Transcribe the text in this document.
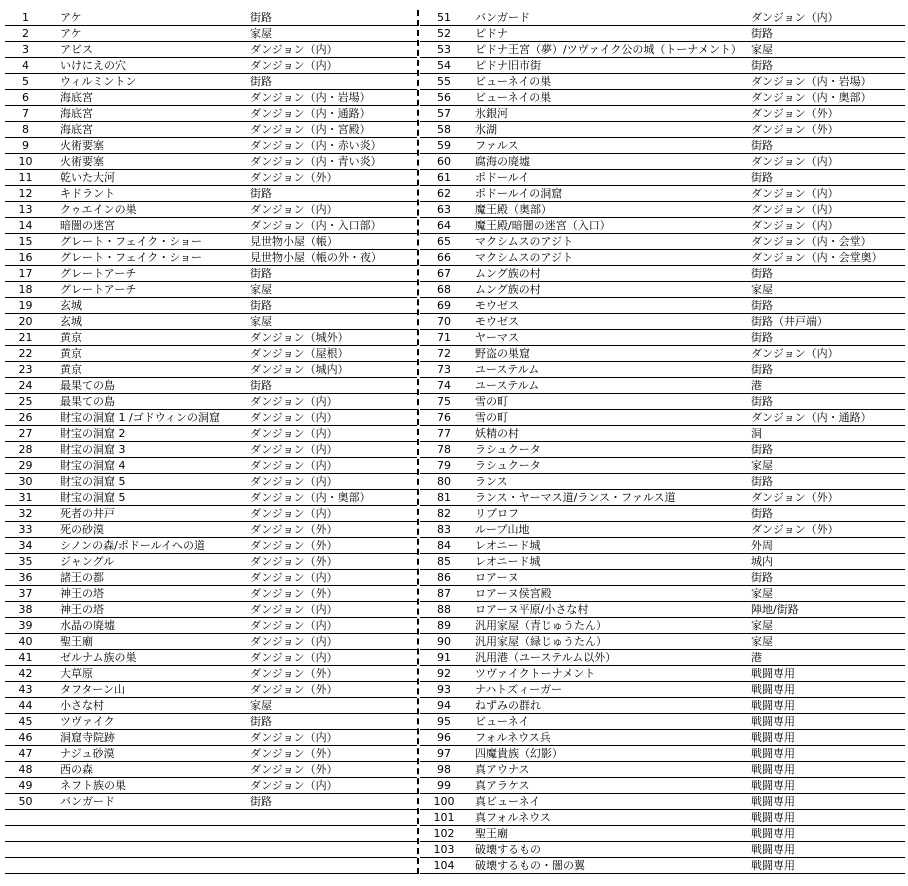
1	アケ	街路
2	アケ	家屋
3	アビス	ダンジョン（内）
4	いけにえの穴	ダンジョン（内）
5	ウィルミントン	街路
6	海底宮	ダンジョン（内・岩場）
7	海底宮	ダンジョン（内・通路）
8	海底宮	ダンジョン（内・宮殿）
9	火術要塞	ダンジョン（内・赤い炎）
10	火術要塞	ダンジョン（内・青い炎）
11	乾いた大河	ダンジョン（外）
12	キドラント	街路
13	クゥエインの巣	ダンジョン（内）
14	暗闇の迷宮	ダンジョン（内・入口部）
15	グレート・フェイク・ショー	見世物小屋（帳）
16	グレート・フェイク・ショー	見世物小屋（帳の外・夜）
17	グレートアーチ	街路
18	グレートアーチ	家屋
19	玄城	街路
20	玄城	家屋
21	黄京	ダンジョン（城外）
22	黄京	ダンジョン（屋根）
23	黄京	ダンジョン（城内）
24	最果ての島	街路
25	最果ての島	ダンジョン（内）
26	財宝の洞窟 1 /ゴドウィンの洞窟	ダンジョン（内）
27	財宝の洞窟 2	ダンジョン（内）
28	財宝の洞窟 3	ダンジョン（内）
29	財宝の洞窟 4	ダンジョン（内）
30	財宝の洞窟 5	ダンジョン（内）
31	財宝の洞窟 5	ダンジョン（内・奥部）
32	死者の井戸	ダンジョン（内）
33	死の砂漠	ダンジョン（外）
34	シノンの森/ポドールイへの道	ダンジョン（外）
35	ジャングル	ダンジョン（外）
36	諸王の都	ダンジョン（内）
37	神王の塔	ダンジョン（外）
38	神王の塔	ダンジョン（内）
39	水晶の廃墟	ダンジョン（内）
40	聖王廟	ダンジョン（内）
41	ゼルナム族の巣	ダンジョン（内）
42	大草原	ダンジョン（外）
43	タフターン山	ダンジョン（外）
44	小さな村	家屋
45	ツヴァイク	街路
46	洞窟寺院跡	ダンジョン（内）
47	ナジュ砂漠	ダンジョン（外）
48	西の森	ダンジョン（外）
49	ネフト族の巣	ダンジョン（内）
50	バンガード	街路
51	バンガード	ダンジョン（内）
52	ピドナ	街路
53	ピドナ王宮（夢）/ツヴァイク公の城（トーナメント） 家屋
54	ピドナ旧市街	街路
55	ビューネイの巣	ダンジョン（内・岩場）
56	ビューネイの巣	ダンジョン（内・奥部）
57	氷銀河	ダンジョン（外）
58	氷湖	ダンジョン（外）
59	ファルス	街路
60	腐海の廃墟	ダンジョン（内）
61	ポドールイ	街路
62	ポドールイの洞窟	ダンジョン（内）
63	魔王殿（奥部）	ダンジョン（内）
64	魔王殿/暗闇の迷宮（入口）	ダンジョン（内）
65	マクシムスのアジト	ダンジョン（内・会堂）
66	マクシムスのアジト	ダンジョン（内・会堂奥）
67	ムング族の村	街路
68	ムング族の村	家屋
69	モウゼス	街路
70	モウゼス	街路（井戸端）
71	ヤーマス	街路
72	野盗の巣窟	ダンジョン（内）
73	ユーステルム	街路
74	ユーステルム	港
75	雪の町	街路
76	雪の町	ダンジョン（内・通路）
77	妖精の村	洞
78	ラシュクータ	街路
79	ラシュクータ	家屋
80	ランス	街路
81	ランス・ヤーマス道/ランス・ファルス道	ダンジョン（外）
82	リブロフ	街路
83	ループ山地	ダンジョン（外）
84	レオニード城	外周
85	レオニード城	城内
86	ロアーヌ	街路
87	ロアーヌ侯宮殿	家屋
88	ロアーヌ平原/小さな村	陣地/街路
89	汎用家屋（青じゅうたん）	家屋
90	汎用家屋（緑じゅうたん）	家屋
91	汎用港（ユーステルム以外）	港
92	ツヴァイクトーナメント	戦闘専用
93	ナハトズィーガー	戦闘専用
94	ねずみの群れ	戦闘専用
95	ビューネイ	戦闘専用
96	フォルネウス兵	戦闘専用
97	四魔貴族（幻影）	戦闘専用
98	真アウナス	戦闘専用
99	真アラケス	戦闘専用
100	真ビューネイ	戦闘専用
101	真フォルネウス	戦闘専用
102	聖王廟	戦闘専用
103	破壊するもの	戦闘専用
104	破壊するもの・闇の翼	戦闘専用
